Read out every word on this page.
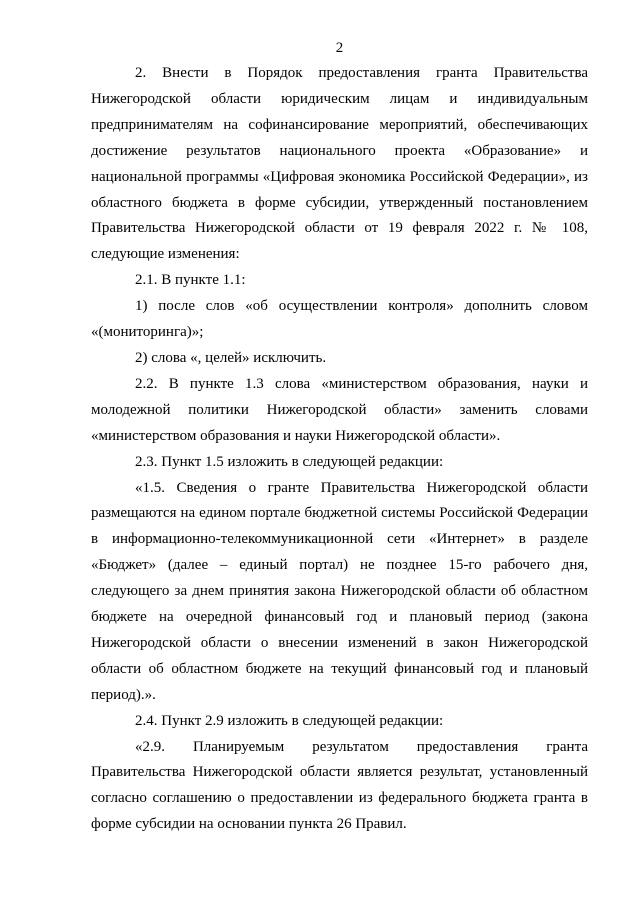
2

2. Внести в Порядок предоставления гранта Правительства Нижегородской области юридическим лицам и индивидуальным предпринимателям на софинансирование мероприятий, обеспечивающих достижение результатов национального проекта «Образование» и национальной программы «Цифровая экономика Российской Федерации», из областного бюджета в форме субсидии, утвержденный постановлением Правительства Нижегородской области от 19 февраля 2022 г. № 108, следующие изменения:

2.1. В пункте 1.1:

1) после слов «об осуществлении контроля» дополнить словом «(мониторинга)»;

2) слова «, целей» исключить.

2.2. В пункте 1.3 слова «министерством образования, науки и молодежной политики Нижегородской области» заменить словами «министерством образования и науки Нижегородской области».

2.3. Пункт 1.5 изложить в следующей редакции:

«1.5. Сведения о гранте Правительства Нижегородской области размещаются на едином портале бюджетной системы Российской Федерации в информационно-телекоммуникационной сети «Интернет» в разделе «Бюджет» (далее – единый портал) не позднее 15-го рабочего дня, следующего за днем принятия закона Нижегородской области об областном бюджете на очередной финансовый год и плановый период (закона Нижегородской области о внесении изменений в закон Нижегородской области об областном бюджете на текущий финансовый год и плановый период).».

2.4. Пункт 2.9 изложить в следующей редакции:

«2.9. Планируемым результатом предоставления гранта Правительства Нижегородской области является результат, установленный согласно соглашению о предоставлении из федерального бюджета гранта в форме субсидии на основании пункта 26 Правил.
